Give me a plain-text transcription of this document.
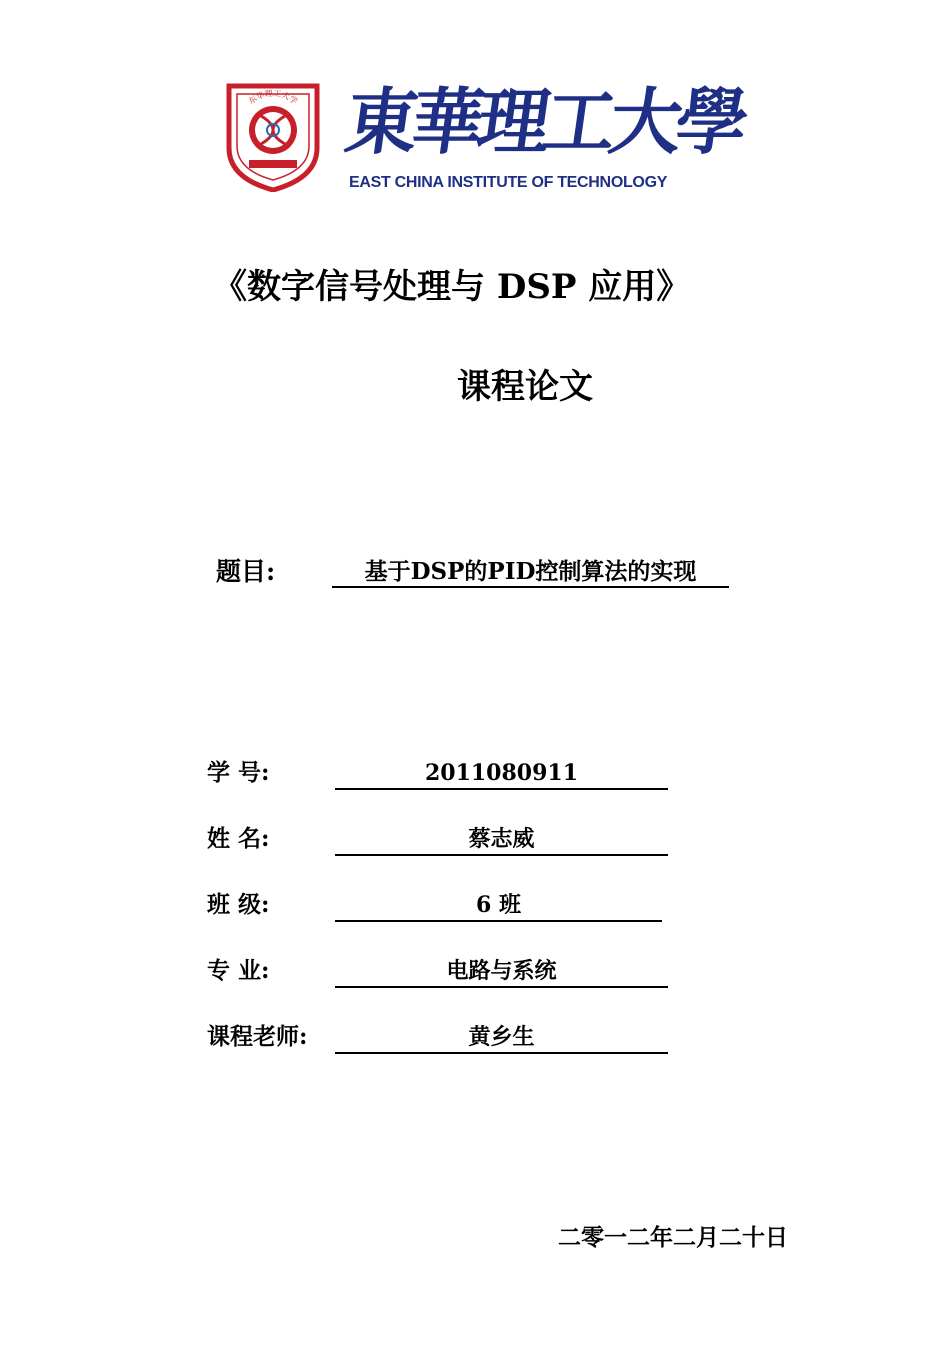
东华理工大学 東華理工大學
EAST CHINA INSTITUTE OF TECHNOLOGY
《数字信号处理与 DSP 应用》
课程论文
题目:	基于DSP的PID控制算法的实现
学 号:	2011080911
姓 名:	蔡志威
班 级:	6 班
专 业:	电路与系统
课程老师:	黄乡生
二零一二年二月二十日
